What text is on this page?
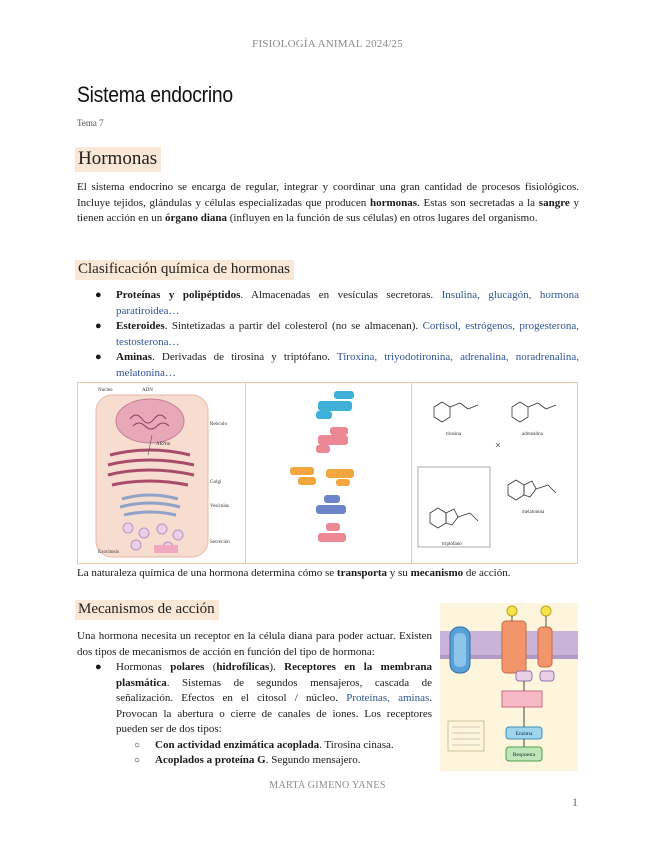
FISIOLOGÍA ANIMAL 2024/25
Sistema endocrino
Tema 7
Hormonas
El sistema endocrino se encarga de regular, integrar y coordinar una gran cantidad de procesos fisiológicos. Incluye tejidos, glándulas y células especializadas que producen hormonas. Estas son secretadas a la sangre y tienen acción en un órgano diana (influyen en la función de sus células) en otros lugares del organismo.
Clasificación química de hormonas
●	Proteínas y polipéptidos. Almacenadas en vesículas secretoras. Insulina, glucagón, hormona paratiroidea…
●	Esteroides. Sintetizadas a partir del colesterol (no se almacenan). Cortisol, estrógenos, progesterona, testosterona…
●	Aminas. Derivadas de tirosina y triptófano. Tiroxina, triyodotironina, adrenalina, noradrenalina, melatonina…
Nucleo	ADN
ARNm
Retículo
Golgi
Vesículas
Exocitosis
Secreción
tirosina	adrenalina
triptófano
melatonina
La naturaleza química de una hormona determina cómo se transporta y su mecanismo de acción.
Mecanismos de acción
Una hormona necesita un receptor en la célula diana para poder actuar. Existen dos tipos de mecanismos de acción en función del tipo de hormona:
●	Hormonas polares (hidrofílicas). Receptores en la membrana plasmática. Sistemas de segundos mensajeros, cascada de señalización. Efectos en el citosol / núcleo. Proteínas, aminas. Provocan la abertura o cierre de canales de iones. Los receptores pueden ser de dos tipos:
○	Con actividad enzimática acoplada. Tirosina cinasa.
○	Acoplados a proteína G. Segundo mensajero.
Enzima
Respuesta
MARTA GIMENO YANES
1
